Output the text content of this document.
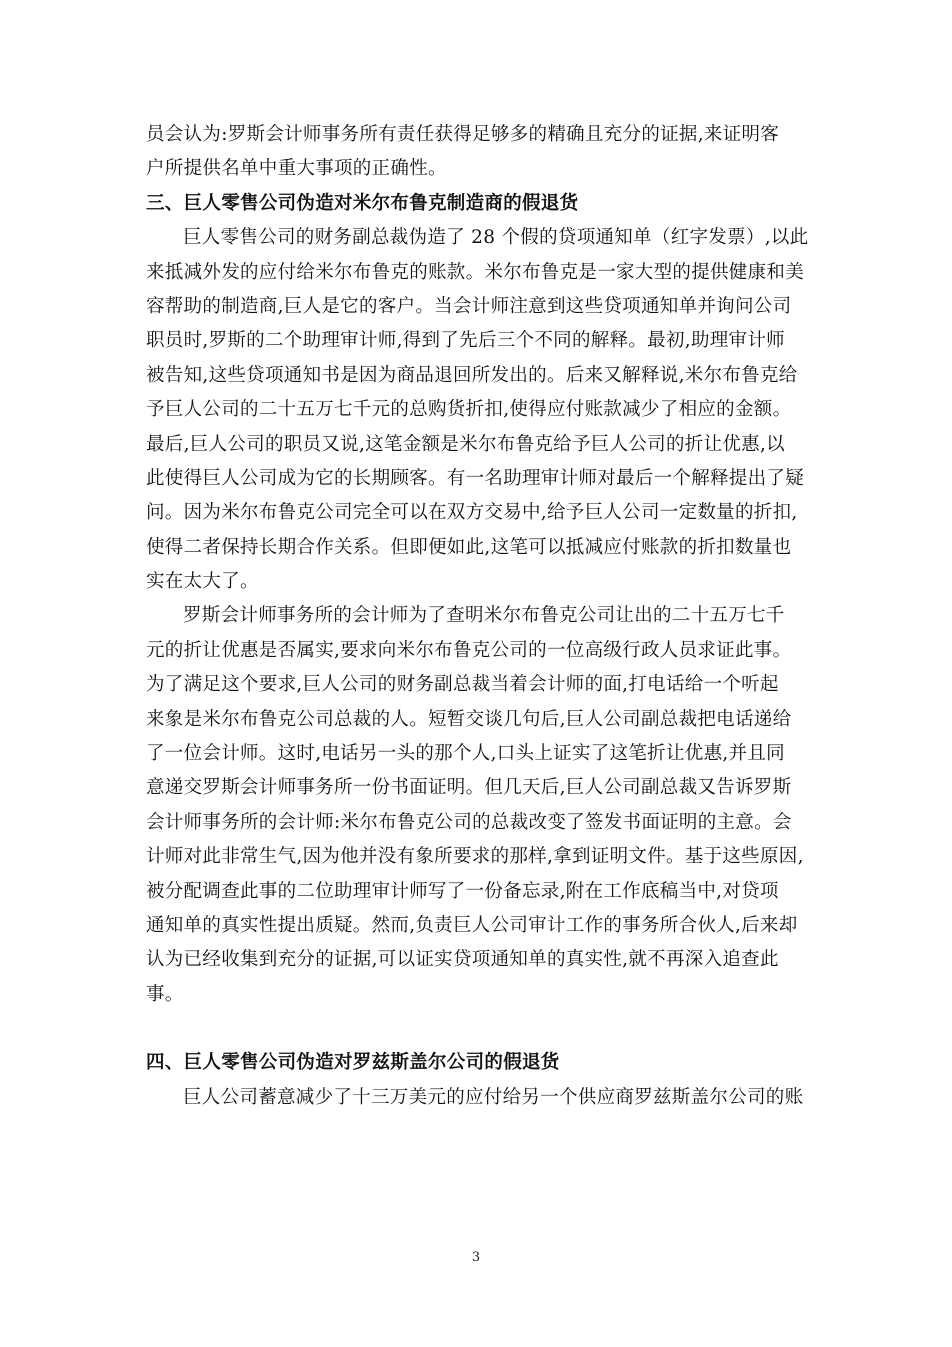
员会认为:罗斯会计师事务所有责任获得足够多的精确且充分的证据,来证明客
户所提供名单中重大事项的正确性。
三、巨人零售公司伪造对米尔布鲁克制造商的假退货
巨人零售公司的财务副总裁伪造了 28 个假的贷项通知单（红字发票）,以此
来抵减外发的应付给米尔布鲁克的账款。米尔布鲁克是一家大型的提供健康和美
容帮助的制造商,巨人是它的客户。当会计师注意到这些贷项通知单并询问公司
职员时,罗斯的二个助理审计师,得到了先后三个不同的解释。最初,助理审计师
被告知,这些贷项通知书是因为商品退回所发出的。后来又解释说,米尔布鲁克给
予巨人公司的二十五万七千元的总购货折扣,使得应付账款减少了相应的金额。
最后,巨人公司的职员又说,这笔金额是米尔布鲁克给予巨人公司的折让优惠,以
此使得巨人公司成为它的长期顾客。有一名助理审计师对最后一个解释提出了疑
问。因为米尔布鲁克公司完全可以在双方交易中,给予巨人公司一定数量的折扣,
使得二者保持长期合作关系。但即便如此,这笔可以抵减应付账款的折扣数量也
实在太大了。
罗斯会计师事务所的会计师为了查明米尔布鲁克公司让出的二十五万七千
元的折让优惠是否属实,要求向米尔布鲁克公司的一位高级行政人员求证此事。
为了满足这个要求,巨人公司的财务副总裁当着会计师的面,打电话给一个听起
来象是米尔布鲁克公司总裁的人。短暂交谈几句后,巨人公司副总裁把电话递给
了一位会计师。这时,电话另一头的那个人,口头上证实了这笔折让优惠,并且同
意递交罗斯会计师事务所一份书面证明。但几天后,巨人公司副总裁又告诉罗斯
会计师事务所的会计师:米尔布鲁克公司的总裁改变了签发书面证明的主意。会
计师对此非常生气,因为他并没有象所要求的那样,拿到证明文件。基于这些原因,
被分配调查此事的二位助理审计师写了一份备忘录,附在工作底稿当中,对贷项
通知单的真实性提出质疑。然而,负责巨人公司审计工作的事务所合伙人,后来却
认为已经收集到充分的证据,可以证实贷项通知单的真实性,就不再深入追查此
事。
四、巨人零售公司伪造对罗兹斯盖尔公司的假退货
巨人公司蓄意减少了十三万美元的应付给另一个供应商罗兹斯盖尔公司的账
3
